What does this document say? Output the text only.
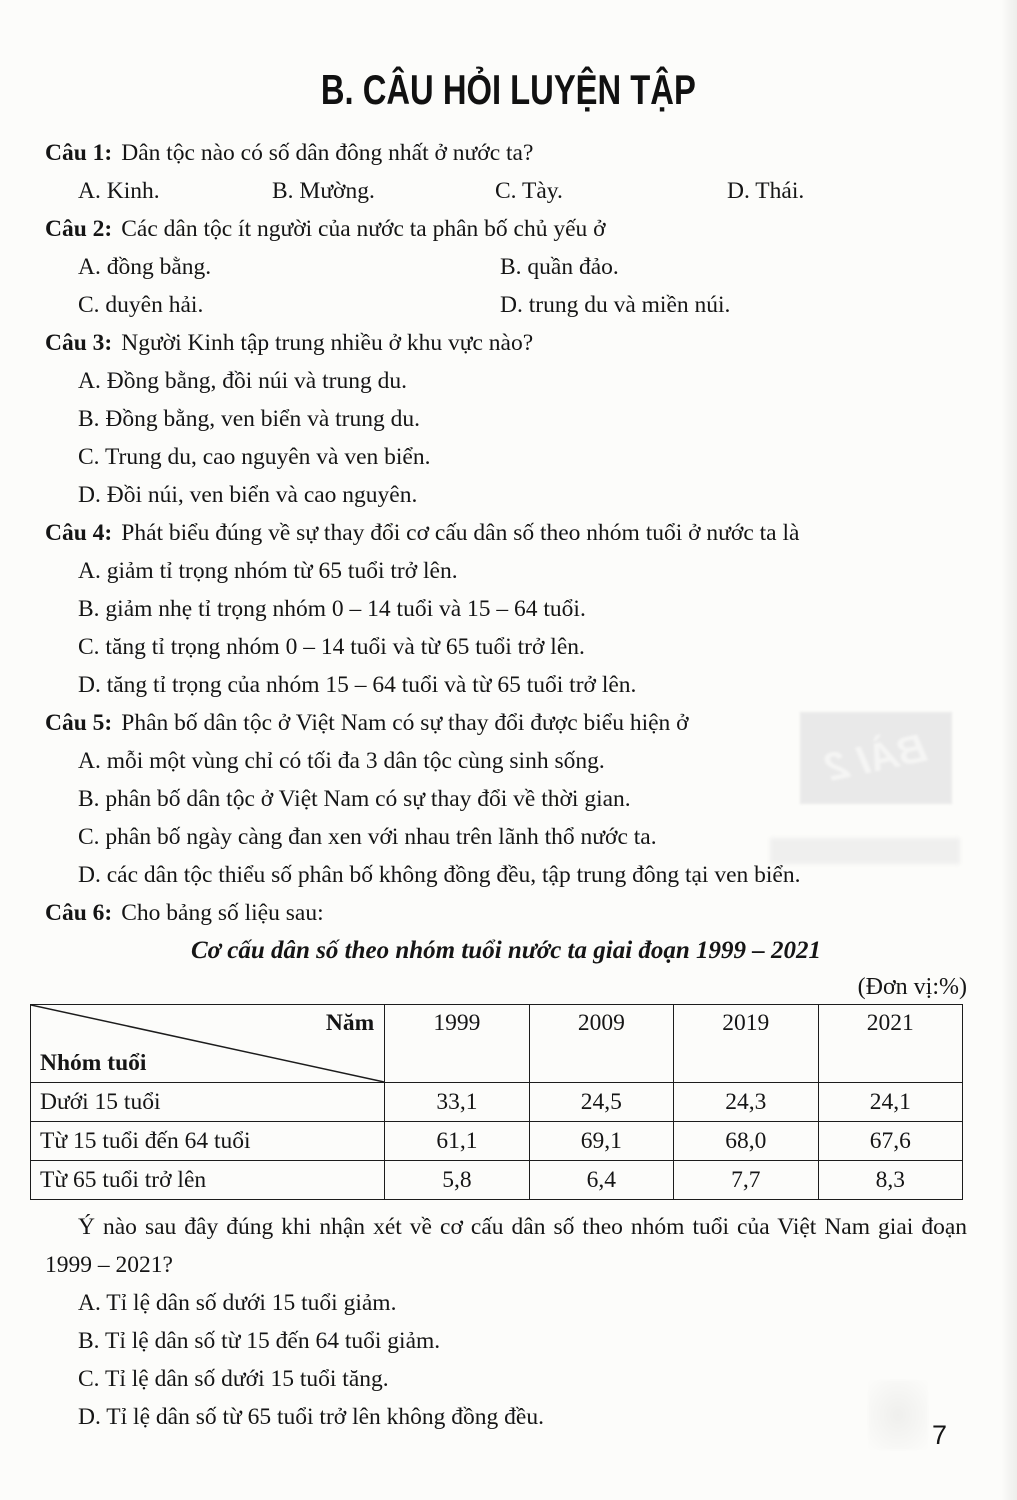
BÀI 2
B. CÂU HỎI LUYỆN TẬP
Câu 1: Dân tộc nào có số dân đông nhất ở nước ta?
A. Kinh.	B. Mường.	C. Tày.	D. Thái.
Câu 2: Các dân tộc ít người của nước ta phân bố chủ yếu ở
A. đồng bằng.	B. quần đảo.
C. duyên hải.	D. trung du và miền núi.
Câu 3: Người Kinh tập trung nhiều ở khu vực nào?
A. Đồng bằng, đồi núi và trung du.
B. Đồng bằng, ven biển và trung du.
C. Trung du, cao nguyên và ven biển.
D. Đồi núi, ven biển và cao nguyên.
Câu 4: Phát biểu đúng về sự thay đổi cơ cấu dân số theo nhóm tuổi ở nước ta là
A. giảm tỉ trọng nhóm từ 65 tuổi trở lên.
B. giảm nhẹ tỉ trọng nhóm 0 – 14 tuổi và 15 – 64 tuổi.
C. tăng tỉ trọng nhóm 0 – 14 tuổi và từ 65 tuổi trở lên.
D. tăng tỉ trọng của nhóm 15 – 64 tuổi và từ 65 tuổi trở lên.
Câu 5: Phân bố dân tộc ở Việt Nam có sự thay đổi được biểu hiện ở
A. mỗi một vùng chỉ có tối đa 3 dân tộc cùng sinh sống.
B. phân bố dân tộc ở Việt Nam có sự thay đổi về thời gian.
C. phân bố ngày càng đan xen với nhau trên lãnh thổ nước ta.
D. các dân tộc thiểu số phân bố không đồng đều, tập trung đông tại ven biển.
Câu 6: Cho bảng số liệu sau:
Cơ cấu dân số theo nhóm tuổi nước ta giai đoạn 1999 – 2021
(Đơn vị:%)
Năm
Nhóm tuổi	1999	2009	2019	2021
Dưới 15 tuổi	33,1	24,5	24,3	24,1
Từ 15 tuổi đến 64 tuổi	61,1	69,1	68,0	67,6
Từ 65 tuổi trở lên	5,8	6,4	7,7	8,3
Ý nào sau đây đúng khi nhận xét về cơ cấu dân số theo nhóm tuổi của Việt Nam giai đoạn 1999 – 2021?
A. Tỉ lệ dân số dưới 15 tuổi giảm.
B. Tỉ lệ dân số từ 15 đến 64 tuổi giảm.
C. Tỉ lệ dân số dưới 15 tuổi tăng.
D. Tỉ lệ dân số từ 65 tuổi trở lên không đồng đều.
7
